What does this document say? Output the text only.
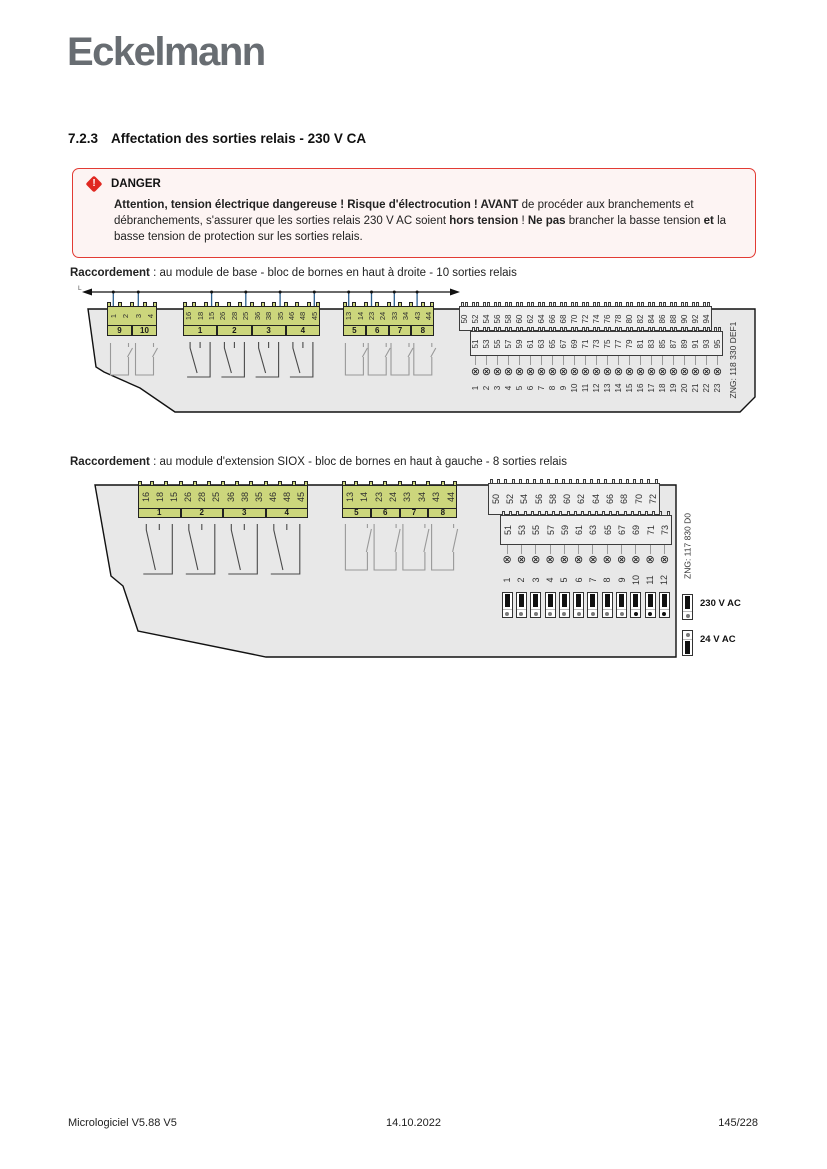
Eckelmann
7.2.3 Affectation des sorties relais - 230 V CA
!	DANGER

Attention, tension électrique dangereuse ! Risque d'électrocution ! AVANT de procéder aux branchements et débranchements, s'assurer que les sorties relais 230 V AC soient hors tension ! Ne pas brancher la basse tension et la basse tension de protection sur les sorties relais.

Raccordement : au module de base - bloc de bornes en haut à droite - 10 sorties relais

L
1 2 3 4
9	10
16 18 15 26 28 25 36 38 35 46 48 45
1	2	3	4
13 14 23 24 33 34 43 44
5	6	7	8
50 52 54 56 58 60 62 64 66 68 70 72 74 76 78 80 82 84 86 88 90 92 94
51 53 55 57 59 61 63 65 67 69 71 73 75 77 79 81 83 85 87 89 91 93 95
⊗
1
⊗
2
⊗
3
⊗
4
⊗
5
⊗
6
⊗
7
⊗
8
⊗
9
⊗
10
⊗
11
⊗
12
⊗
13
⊗
14
⊗
15
⊗
16
⊗
17
⊗
18
⊗
19
⊗
20
⊗
21
⊗
22
⊗
23 ZNG: 118 330 DEF1

Raccordement : au module d'extension SIOX - bloc de bornes en haut à gauche - 8 sorties relais

16 18 15 26 28 25 36 38 35 46 48 45
1	2	3	4
13 14 23 24 33 34 43 44
5	6	7	8
50 52 54 56 58 60 62 64 66 68 70 72
51 53 55 57 59 61 63 65 67 69 71 73
⊗
1
⊗
2
⊗
3
⊗
4
⊗
5
⊗
6
⊗
7
⊗
8
⊗
9
⊗
10
⊗
11
⊗
12
ZNG: 117 830 D0
230 V AC
24 V AC
Micrologiciel V5.88 V5	14.10.2022	145/228
